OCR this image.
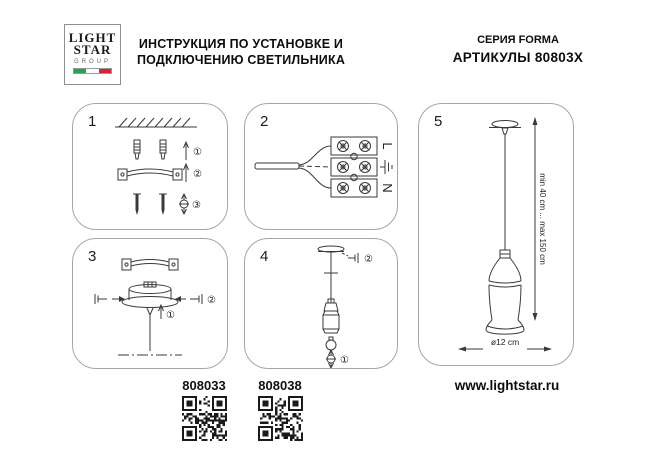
LIGHT
STAR
GROUP
ИНСТРУКЦИЯ ПО УСТАНОВКЕ И
ПОДКЛЮЧЕНИЮ СВЕТИЛЬНИКА
СЕРИЯ FORMA
АРТИКУЛЫ 80803Х
1
①
②
③
2
L
N
3
②
①
4	②
①
5
min 40 cm ... max 150 cm
ø12 cm
808033	808038	www.lightstar.ru
